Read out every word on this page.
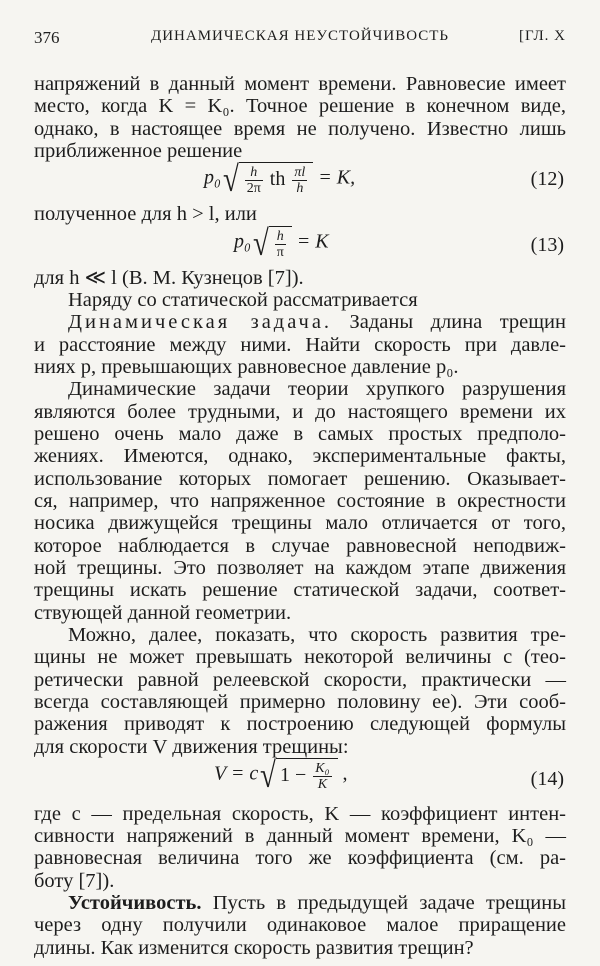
376	ДИНАМИЧЕСКАЯ НЕУСТОЙЧИВОСТЬ	[ГЛ. X
напряжений в данный момент времени. Равновесие имеет
место, когда K = K₀. Точное решение в конечном виде,
однако, в настоящее время не получено. Известно лишь
приближенное решение
$p_0√ \frac{h}{2\pi}$ th $\frac{\pi l}{h} = K$,	(12)
полученное для h > l, или
$p_0√ \frac{h}{\pi} = K$	(13)
для h ≪ l (В. М. Кузнецов [7]).
Наряду со статической рассматривается
Динамическая задача. Заданы длина трещин
и расстояние между ними. Найти скорость при давле-
ниях p, превышающих равновесное давление p₀.
Динамические задачи теории хрупкого разрушения
являются более трудными, и до настоящего времени их
решено очень мало даже в самых простых предполо-
жениях. Имеются, однако, экспериментальные факты,
использование которых помогает решению. Оказывает-
ся, например, что напряженное состояние в окрестности
носика движущейся трещины мало отличается от того,
которое наблюдается в случае равновесной неподвиж-
ной трещины. Это позволяет на каждом этапе движения
трещины искать решение статической задачи, соответ-
ствующей данной геометрии.
Можно, далее, показать, что скорость развития тре-
щины не может превышать некоторой величины c (тео-
ретически равной релеевской скорости, практически —
всегда составляющей примерно половину ее). Эти сооб-
ражения приводят к построению следующей формулы
для скорости V движения трещины:
V = c√ $1 - \frac{\text{K₀}}{K}$ ,	(14)
где c — предельная скорость, K — коэффициент интен-
сивности напряжений в данный момент времени, K₀ —
равновесная величина того же коэффициента (см. ра-
боту [7]).
Устойчивость. Пусть в предыдущей задаче трещины
через одну получили одинаковое малое приращение
длины. Как изменится скорость развития трещин?
